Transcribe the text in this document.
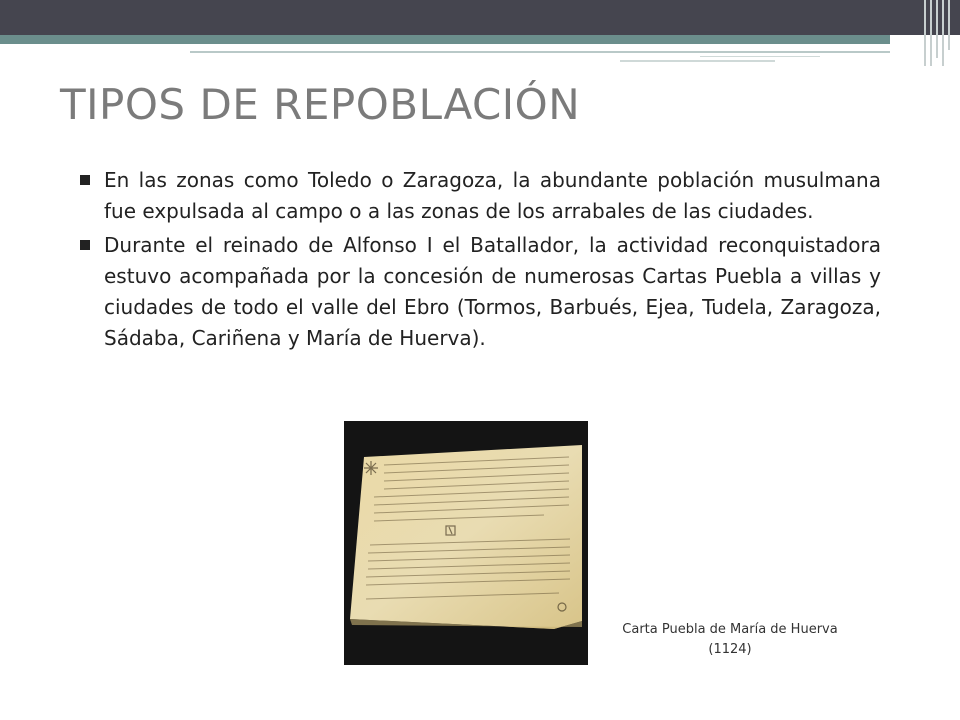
TIPOS DE REPOBLACIÓN
En las zonas como Toledo o Zaragoza, la abundante población musulmana fue expulsada al campo o a las zonas de los arrabales de las ciudades.
Durante el reinado de Alfonso I el Batallador, la actividad reconquistadora estuvo acompañada por la concesión de numerosas Cartas Puebla a villas y ciudades de todo el valle del Ebro (Tormos, Barbués, Ejea, Tudela, Zaragoza, Sádaba, Cariñena y María de Huerva).
Carta Puebla de María de Huerva
(1124)
